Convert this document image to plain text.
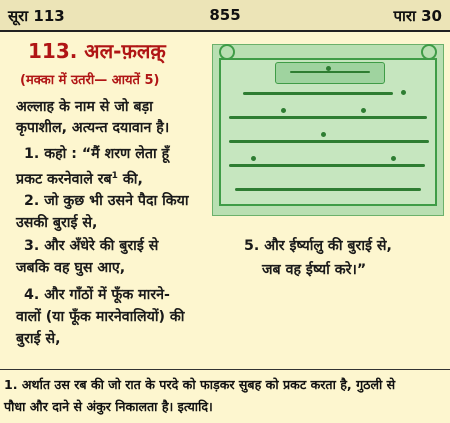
सूरा 113	855	पारा 30
113. अल-फ़लक़्
(मक्का में उतरी— आयतें 5)
अल्लाह के नाम से जो बड़ा
कृपाशील, अत्यन्त दयावान है।
1. कहो : “मैं शरण लेता हूँ
प्रकट करनेवाले रब$^1$ की,
2. जो कुछ भी उसने पैदा किया
उसकी बुराई से,
3. और अँधेरे की बुराई से
जबकि वह घुस आए,
4. और गाँठों में फूँक मारने-
वालों (या फूँक मारनेवालियों) की
बुराई से,
5. और ईर्ष्यालु की बुराई से,
जब वह ईर्ष्या करे।”

1. अर्थात उस रब की जो रात के परदे को फाड़कर सुबह को प्रकट करता है, गुठली से

पौधा और दाने से अंकुर निकालता है। इत्यादि।
